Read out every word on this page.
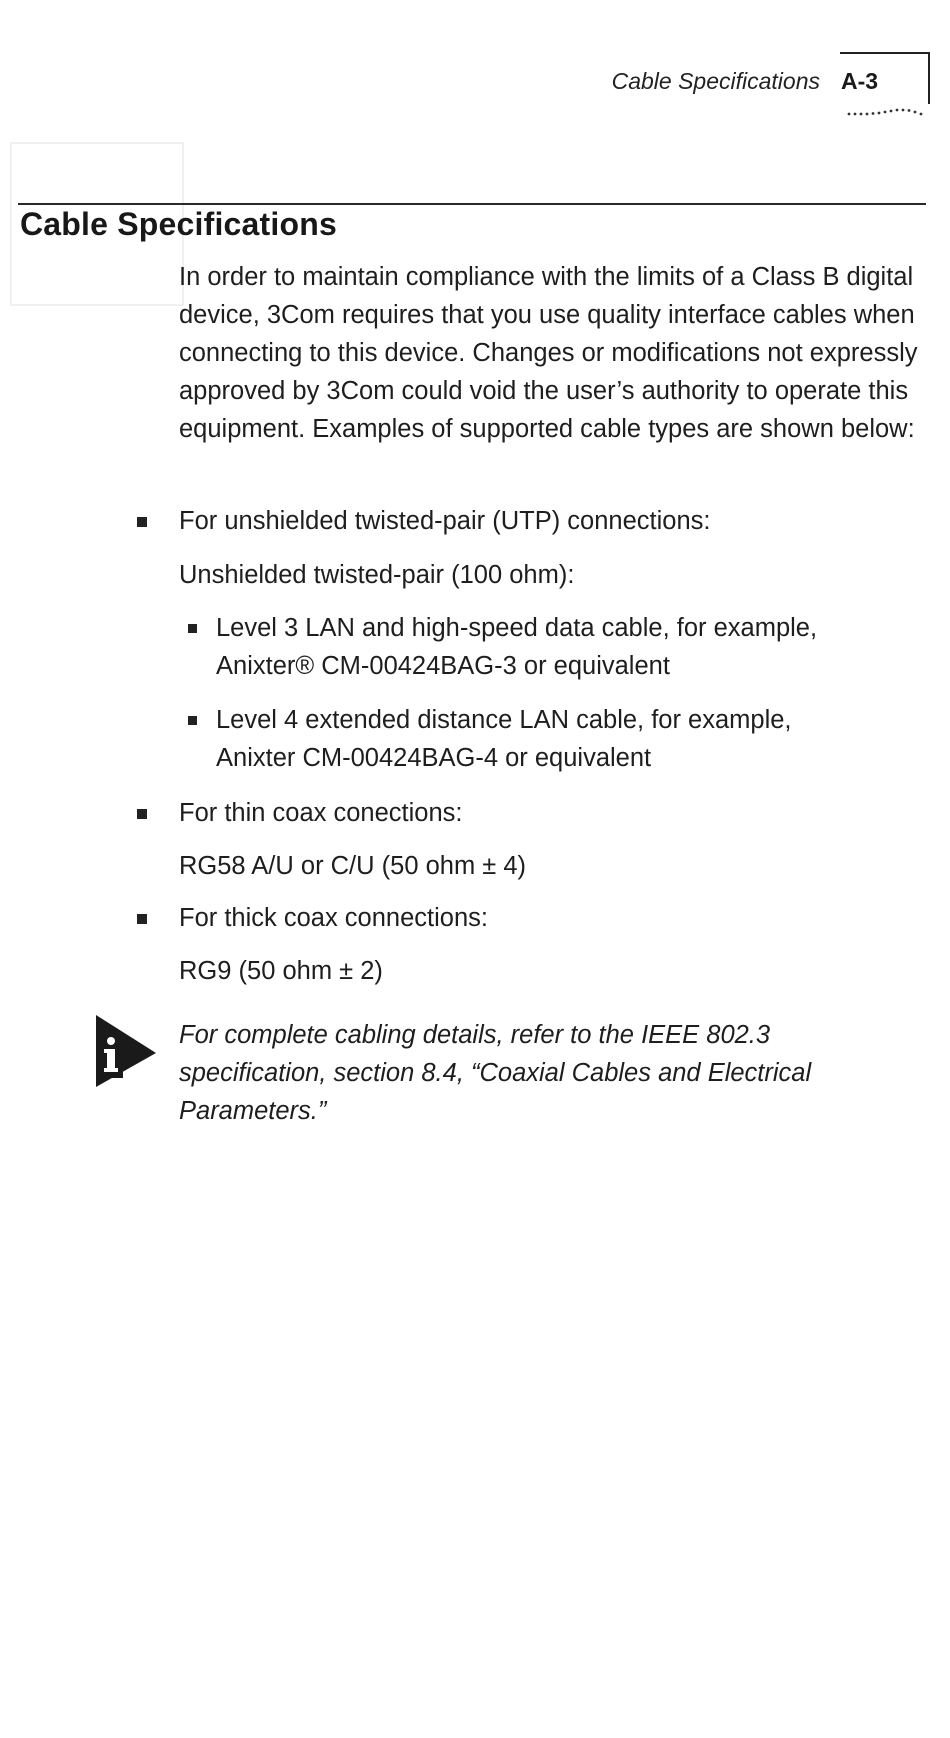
Cable Specifications A-3
Cable Specifications

In order to maintain compliance with the limits of a Class B digital device, 3Com requires that you use quality interface cables when connecting to this device. Changes or modifications not expressly approved by 3Com could void the user’s authority to operate this equipment. Examples of supported cable types are shown below:

For unshielded twisted-pair (UTP) connections:
Unshielded twisted-pair (100 ohm):
Level 3 LAN and high-speed data cable, for example,
Anixter® CM-00424BAG-3 or equivalent
Level 4 extended distance LAN cable, for example,
Anixter CM-00424BAG-4 or equivalent
For thin coax conections:
RG58 A/U or C/U (50 ohm ± 4)
For thick coax connections:
RG9 (50 ohm ± 2)

For complete cabling details, refer to the IEEE 802.3 specification, section 8.4, “Coaxial Cables and Electrical Parameters.”
